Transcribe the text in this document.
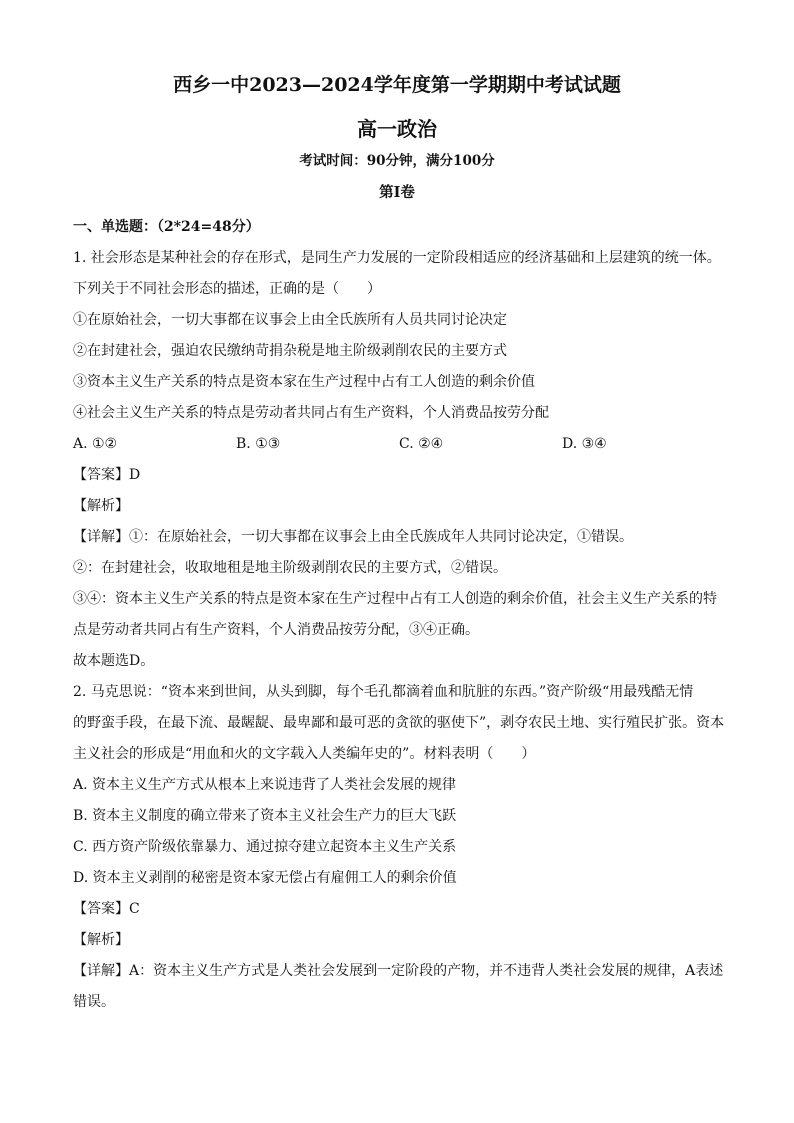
西乡一中2023—2024学年度第一学期期中考试试题
高一政治
考试时间：90分钟，满分100分
第Ⅰ卷

一、单选题：（2*24=48分）

1. 社会形态是某种社会的存在形式，是同生产力发展的一定阶段相适应的经济基础和上层建筑的统一体。

下列关于不同社会形态的描述，正确的是（　　）

①在原始社会，一切大事都在议事会上由全氏族所有人员共同讨论决定

②在封建社会，强迫农民缴纳苛捐杂税是地主阶级剥削农民的主要方式

③资本主义生产关系的特点是资本家在生产过程中占有工人创造的剩余价值

④社会主义生产关系的特点是劳动者共同占有生产资料，个人消费品按劳分配

A. ①②	B. ①③	C. ②④	D. ③④

【答案】D

【解析】

【详解】①：在原始社会，一切大事都在议事会上由全氏族成年人共同讨论决定，①错误。

②：在封建社会，收取地租是地主阶级剥削农民的主要方式，②错误。

③④：资本主义生产关系的特点是资本家在生产过程中占有工人创造的剩余价值，社会主义生产关系的特

点是劳动者共同占有生产资料，个人消费品按劳分配，③④正确。

故本题选D。

2. 马克思说：“资本来到世间，从头到脚，每个毛孔都滴着血和肮脏的东西。”资产阶级“用最残酷无情

的野蛮手段，在最下流、最龌龊、最卑鄙和最可恶的贪欲的驱使下”，剥夺农民土地、实行殖民扩张。资本

主义社会的形成是“用血和火的文字载入人类编年史的”。材料表明（　　）

A. 资本主义生产方式从根本上来说违背了人类社会发展的规律

B. 资本主义制度的确立带来了资本主义社会生产力的巨大飞跃

C. 西方资产阶级依靠暴力、通过掠夺建立起资本主义生产关系

D. 资本主义剥削的秘密是资本家无偿占有雇佣工人的剩余价值

【答案】C

【解析】

【详解】A：资本主义生产方式是人类社会发展到一定阶段的产物，并不违背人类社会发展的规律，A表述

错误。
